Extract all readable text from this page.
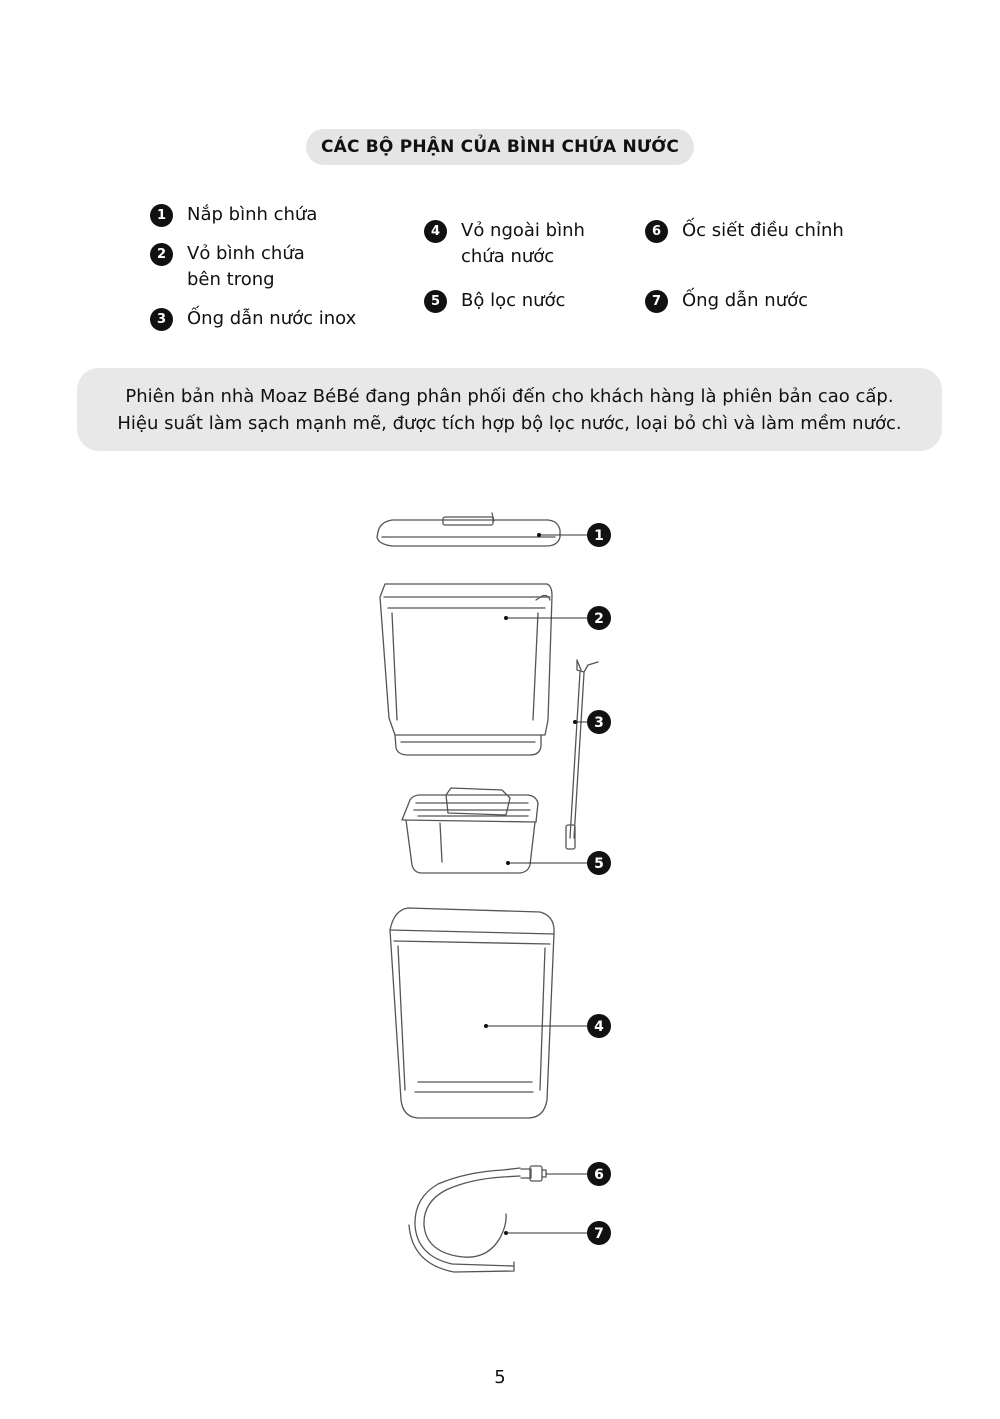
CÁC BỘ PHẬN CỦA BÌNH CHỨA NƯỚC
1	Nắp bình chứa
2	Vỏ bình chứa
bên trong
3	Ống dẫn nước inox
4	Vỏ ngoài bình
chứa nước
5	Bộ lọc nước
6	Ốc siết điều chỉnh
7	Ống dẫn nước
Phiên bản nhà Moaz BéBé đang phân phối đến cho khách hàng là phiên bản cao cấp.
Hiệu suất làm sạch mạnh mẽ, được tích hợp bộ lọc nước, loại bỏ chì và làm mềm nước.
1
2
3
5
4
6
7
5
